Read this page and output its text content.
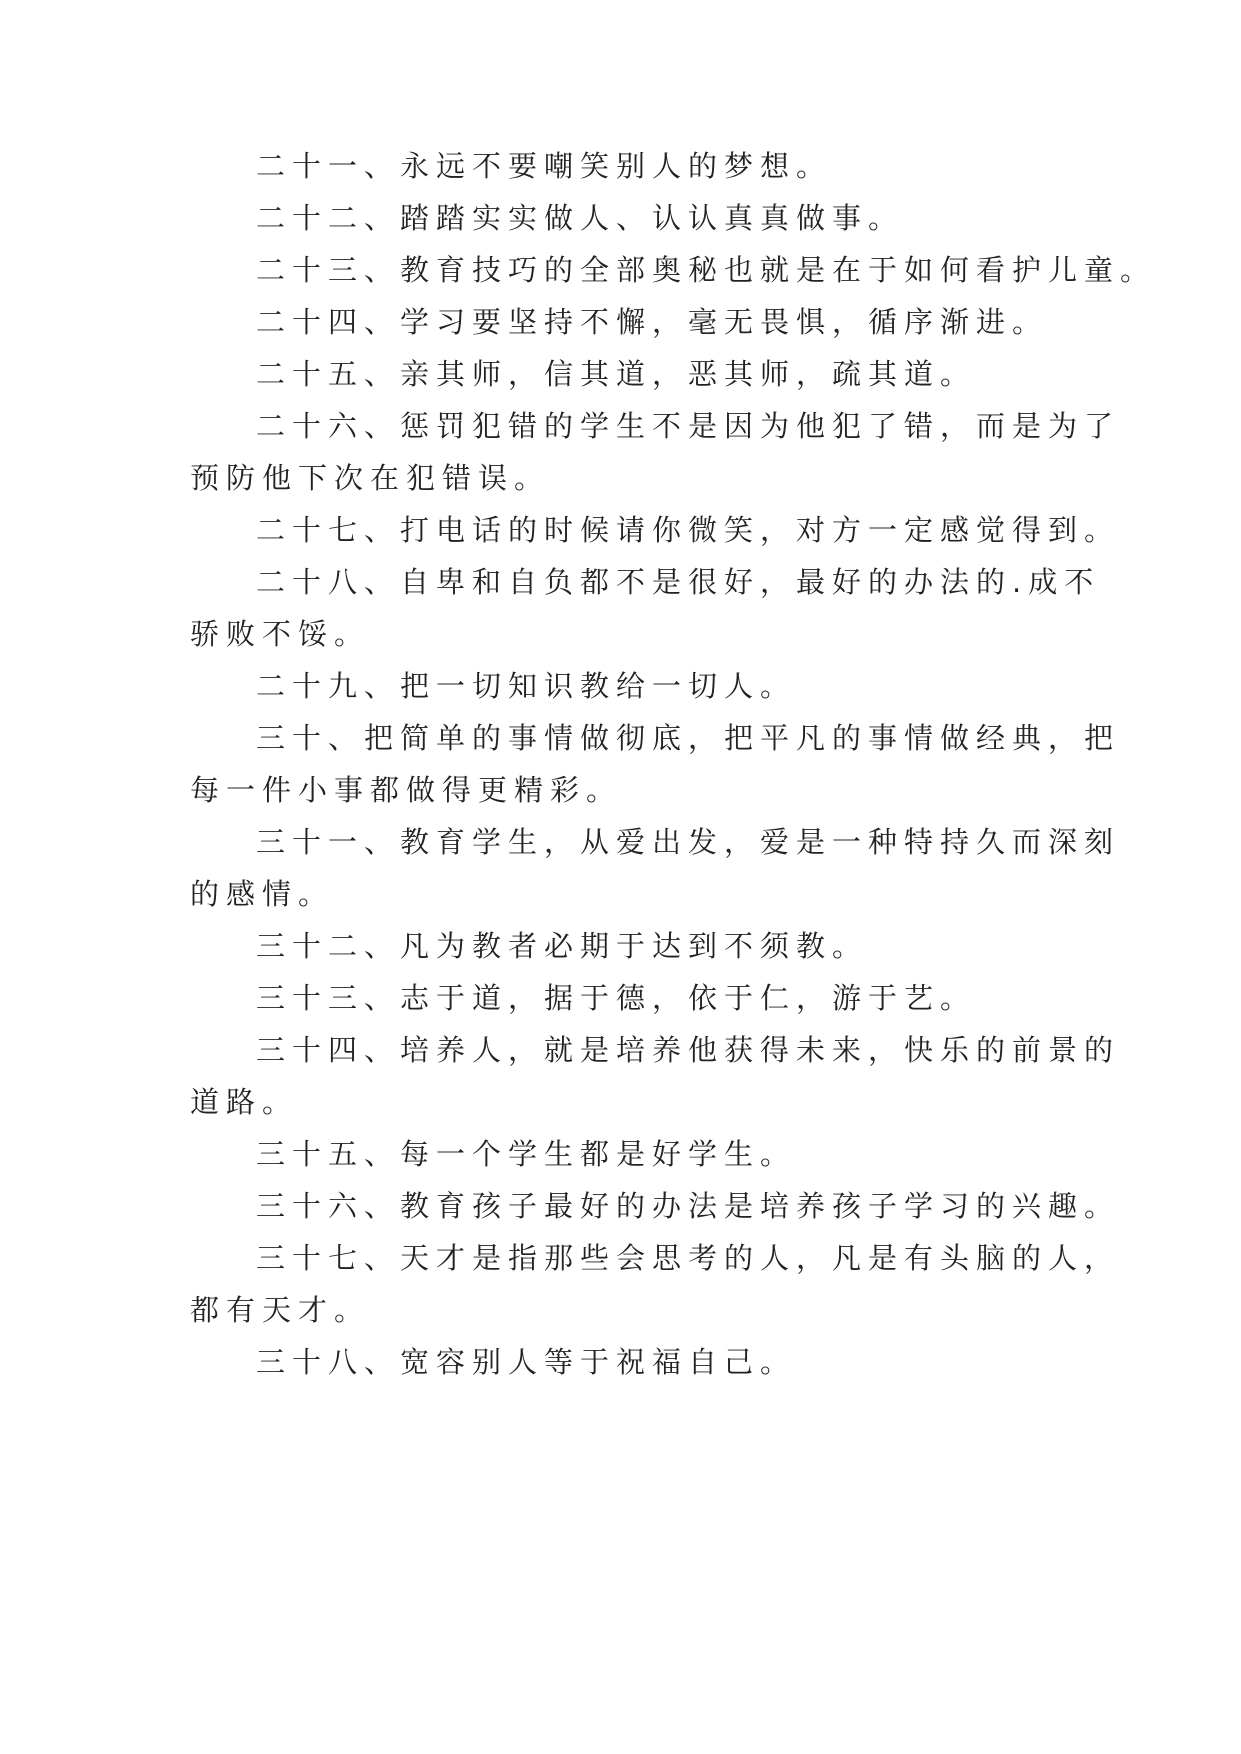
二十一、永远不要嘲笑别人的梦想。
二十二、踏踏实实做人、认认真真做事。
二十三、教育技巧的全部奥秘也就是在于如何看护儿童。
二十四、学习要坚持不懈，毫无畏惧，循序渐进。
二十五、亲其师，信其道，恶其师，疏其道。
二十六、惩罚犯错的学生不是因为他犯了错，而是为了
预防他下次在犯错误。
二十七、打电话的时候请你微笑，对方一定感觉得到。
二十八、自卑和自负都不是很好，最好的办法的.成不
骄败不馁。
二十九、把一切知识教给一切人。
三十、把简单的事情做彻底，把平凡的事情做经典，把
每一件小事都做得更精彩。
三十一、教育学生，从爱出发，爱是一种特持久而深刻
的感情。
三十二、凡为教者必期于达到不须教。
三十三、志于道，据于德，依于仁，游于艺。
三十四、培养人，就是培养他获得未来，快乐的前景的
道路。
三十五、每一个学生都是好学生。
三十六、教育孩子最好的办法是培养孩子学习的兴趣。
三十七、天才是指那些会思考的人，凡是有头脑的人，
都有天才。
三十八、宽容别人等于祝福自己。
